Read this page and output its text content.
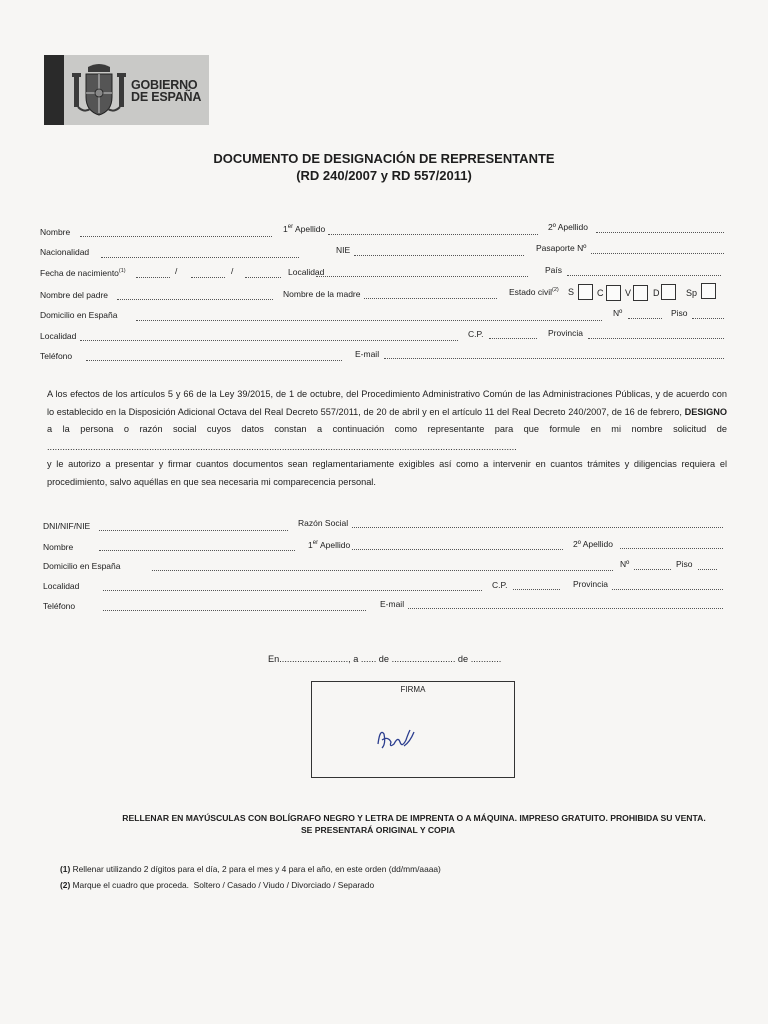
GOBIERNO
DE ESPAÑA
DOCUMENTO DE DESIGNACIÓN DE REPRESENTANTE
(RD 240/2007 y RD 557/2011)
Nombre	1er Apellido	2º Apellido
Nacionalidad	NIE	Pasaporte Nº
Fecha de nacimiento$^{(1)}$	/	/	Localidad	País
Nombre del padre	Nombre de la madre	Estado civil$^{(2)}$ S	C V D	Sp
Domicilio en España	Nº	Piso
Localidad	C.P.	Provincia
Teléfono	E-mail

A los efectos de los artículos 5 y 66 de la Ley 39/2015, de 1 de octubre, del Procedimiento Administrativo Común de las Administraciones Públicas, y de acuerdo con lo establecido en la Disposición Adicional Octava del Real Decreto 557/2011, de 20 de abril y en el artículo 11 del Real Decreto 240/2007, de 16 de febrero, DESIGNO a la persona o razón social cuyos datos constan a continuación como representante para que formule en mi nombre solicitud de ........................................................................................................................................................................................

y le autorizo a presentar y firmar cuantos documentos sean reglamentariamente exigibles así como a intervenir en cuantos trámites y diligencias requiera el procedimiento, salvo aquéllas en que sea necesaria mi comparecencia personal.

DNI/NIF/NIE	Razón Social
Nombre	1er Apellido	2º Apellido
Domicilio en España	Nº	Piso
Localidad	C.P.	Provincia
Teléfono	E-mail
En..........................., a ...... de ......................... de ............
FIRMA
RELLENAR EN MAYÚSCULAS CON BOLÍGRAFO NEGRO Y LETRA DE IMPRENTA O A MÁQUINA. IMPRESO GRATUITO. PROHIBIDA SU VENTA.
SE PRESENTARÁ ORIGINAL Y COPIA
(1) Rellenar utilizando 2 dígitos para el día, 2 para el mes y 4 para el año, en este orden (dd/mm/aaaa)
(2) Marque el cuadro que proceda. Soltero / Casado / Viudo / Divorciado / Separado
